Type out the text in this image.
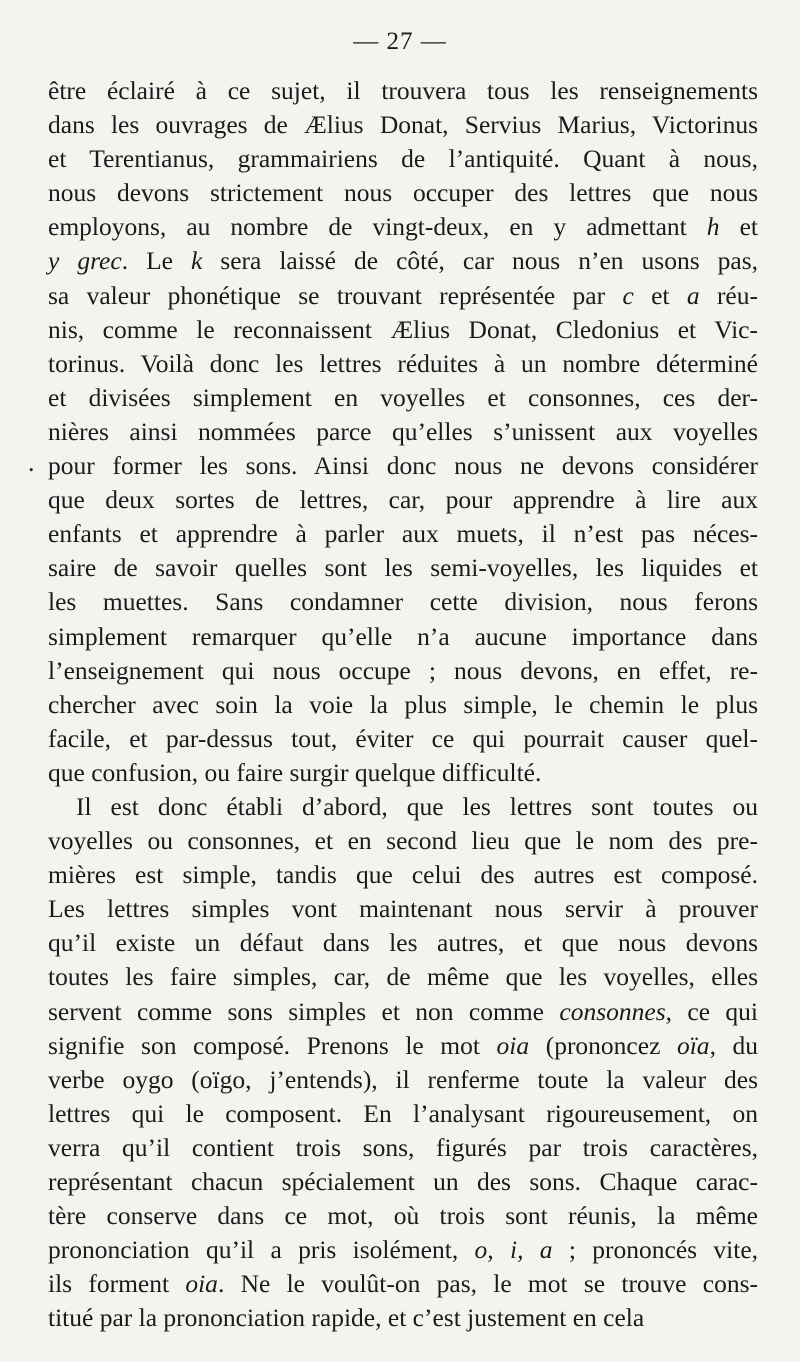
— 27 —
.
être éclairé à ce sujet, il trouvera tous les renseignements
dans les ouvrages de Ælius Donat, Servius Marius, Victorinus
et Terentianus, grammairiens de l’antiquité. Quant à nous,
nous devons strictement nous occuper des lettres que nous
employons, au nombre de vingt-deux, en y admettant h et
y grec. Le k sera laissé de côté, car nous n’en usons pas,
sa valeur phonétique se trouvant représentée par c et a réu-
nis, comme le reconnaissent Ælius Donat, Cledonius et Vic-
torinus. Voilà donc les lettres réduites à un nombre déterminé
et divisées simplement en voyelles et consonnes, ces der-
nières ainsi nommées parce qu’elles s’unissent aux voyelles
pour former les sons. Ainsi donc nous ne devons considérer
que deux sortes de lettres, car, pour apprendre à lire aux
enfants et apprendre à parler aux muets, il n’est pas néces-
saire de savoir quelles sont les semi-voyelles, les liquides et
les muettes. Sans condamner cette division, nous ferons
simplement remarquer qu’elle n’a aucune importance dans
l’enseignement qui nous occupe ; nous devons, en effet, re-
chercher avec soin la voie la plus simple, le chemin le plus
facile, et par-dessus tout, éviter ce qui pourrait causer quel-
que confusion, ou faire surgir quelque difficulté.
Il est donc établi d’abord, que les lettres sont toutes ou
voyelles ou consonnes, et en second lieu que le nom des pre-
mières est simple, tandis que celui des autres est composé.
Les lettres simples vont maintenant nous servir à prouver
qu’il existe un défaut dans les autres, et que nous devons
toutes les faire simples, car, de même que les voyelles, elles
servent comme sons simples et non comme consonnes, ce qui
signifie son composé. Prenons le mot oia (prononcez oïa, du
verbe oygo (oïgo, j’entends), il renferme toute la valeur des
lettres qui le composent. En l’analysant rigoureusement, on
verra qu’il contient trois sons, figurés par trois caractères,
représentant chacun spécialement un des sons. Chaque carac-
tère conserve dans ce mot, où trois sont réunis, la même
prononciation qu’il a pris isolément, o, i, a ; prononcés vite,
ils forment oia. Ne le voulût-on pas, le mot se trouve cons-
titué par la prononciation rapide, et c’est justement en cela
